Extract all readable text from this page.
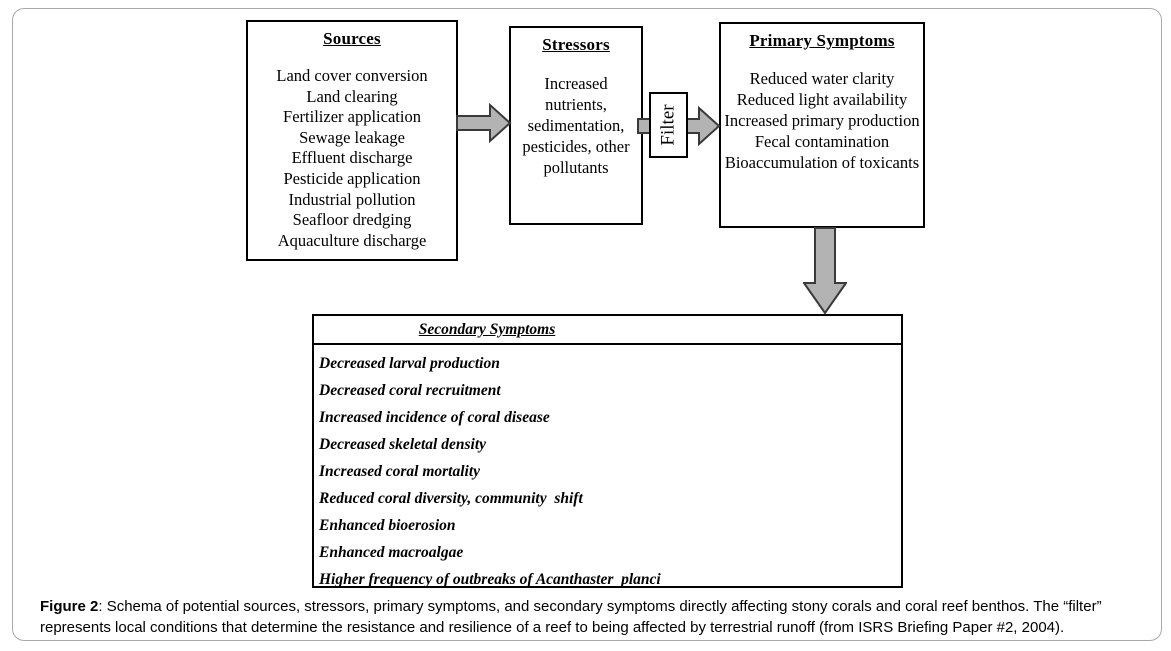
Sources
Land cover conversion
Land clearing
Fertilizer application
Sewage leakage
Effluent discharge
Pesticide application
Industrial pollution
Seafloor dredging
Aquaculture discharge
Stressors
Increased nutrients, sedimentation, pesticides, other pollutants
Filter
Primary Symptoms
Reduced water clarity
Reduced light availability
Increased primary production
Fecal contamination
Bioaccumulation of toxicants
Secondary Symptoms
Decreased larval production
Decreased coral recruitment
Increased incidence of coral disease
Decreased skeletal density
Increased coral mortality
Reduced coral diversity, community  shift
Enhanced bioerosion
Enhanced macroalgae
Higher frequency of outbreaks of Acanthaster  planci
Figure 2: Schema of potential sources, stressors, primary symptoms, and secondary symptoms directly affecting stony corals and coral reef benthos. The “filter” represents local conditions that determine the resistance and resilience of a reef to being affected by terrestrial runoff (from ISRS Briefing Paper #2, 2004).
